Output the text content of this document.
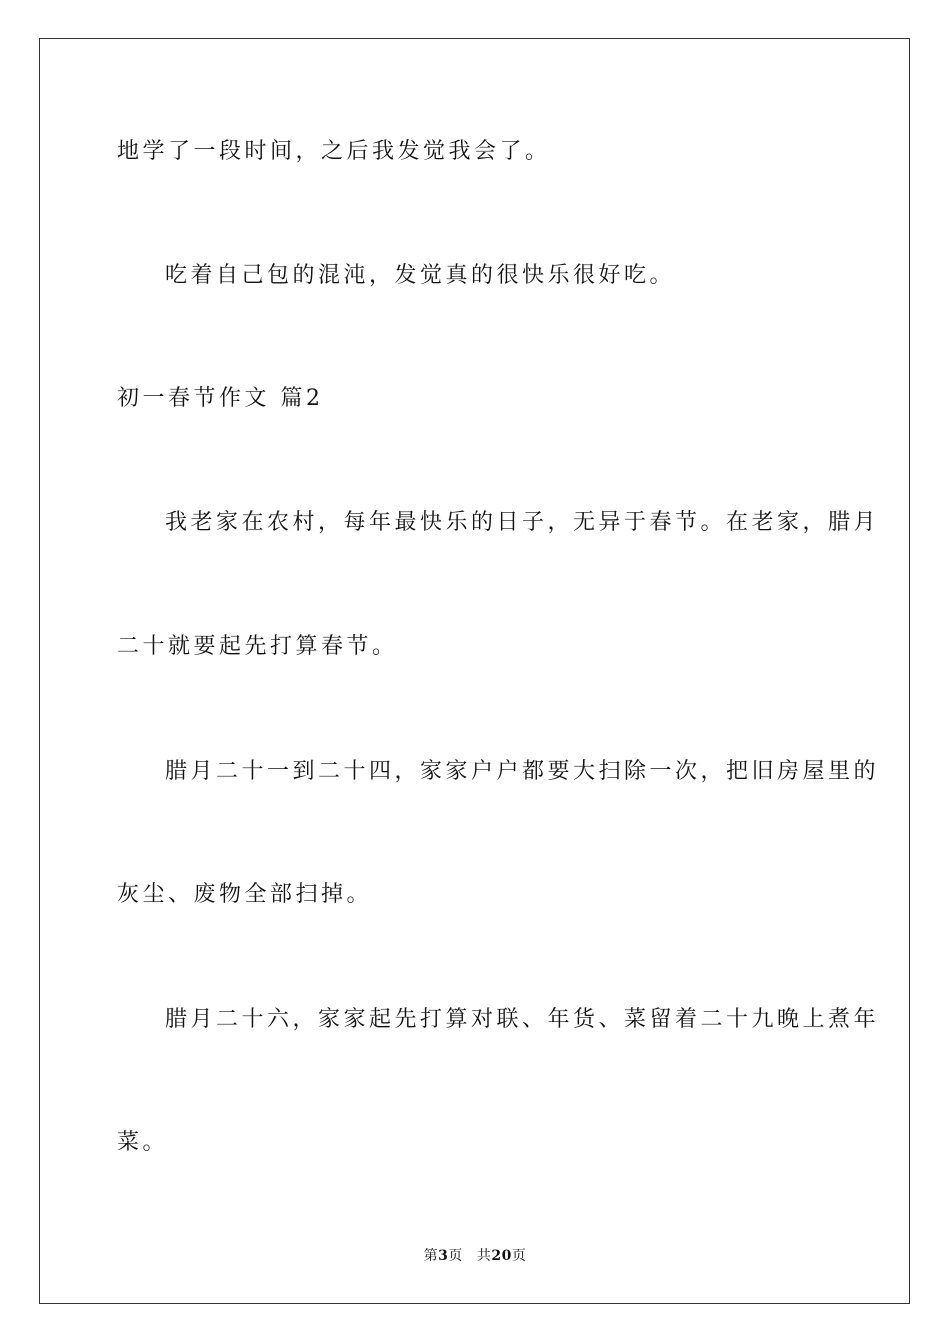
地学了一段时间，之后我发觉我会了。
吃着自己包的混沌，发觉真的很快乐很好吃。
初一春节作文 篇2
我老家在农村，每年最快乐的日子，无异于春节。在老家，腊月
二十就要起先打算春节。
腊月二十一到二十四，家家户户都要大扫除一次，把旧房屋里的
灰尘、废物全部扫掉。
腊月二十六，家家起先打算对联、年货、菜留着二十九晚上煮年
菜。
第3页 共20页
